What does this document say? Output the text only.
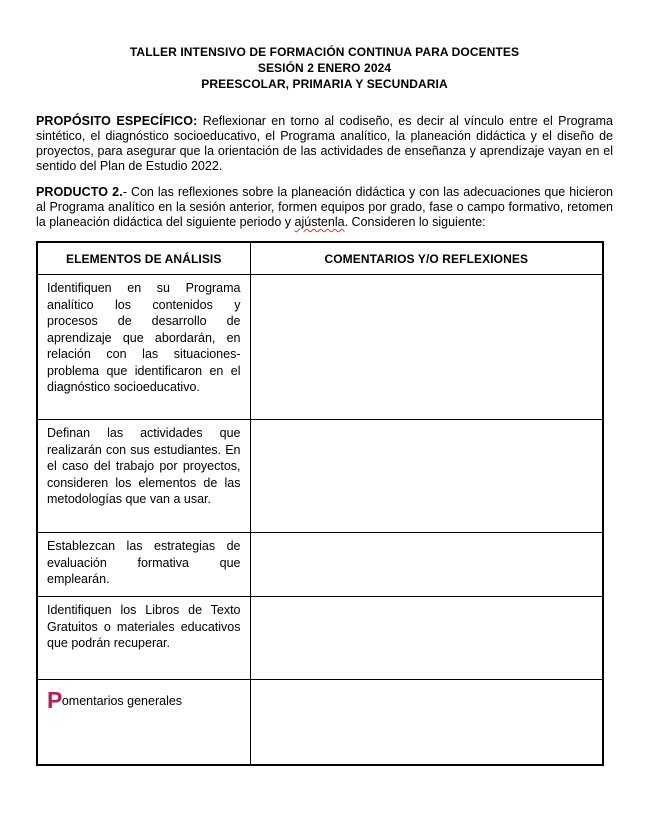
TALLER INTENSIVO DE FORMACIÓN CONTINUA PARA DOCENTES
SESIÓN 2 ENERO 2024
PREESCOLAR, PRIMARIA Y SECUNDARIA

PROPÓSITO ESPECÍFICO: Reflexionar en torno al codiseño, es decir al vínculo entre el Programa sintético, el diagnóstico socioeducativo, el Programa analítico, la planeación didáctica y el diseño de proyectos, para asegurar que la orientación de las actividades de enseñanza y aprendizaje vayan en el sentido del Plan de Estudio 2022.

PRODUCTO 2.- Con las reflexiones sobre la planeación didáctica y con las adecuaciones que hicieron al Programa analítico en la sesión anterior, formen equipos por grado, fase o campo formativo, retomen la planeación didáctica del siguiente periodo y ajústenla. Consideren lo siguiente:

ELEMENTOS DE ANÁLISIS	COMENTARIOS Y/O REFLEXIONES
Identifiquen en su Programa analítico los contenidos y procesos de desarrollo de aprendizaje que abordarán, en relación con las situaciones-problema que identificaron en el diagnóstico socioeducativo.	
Definan las actividades que realizarán con sus estudiantes. En el caso del trabajo por proyectos, consideren los elementos de las metodologías que van a usar.	
Establezcan las estrategias de evaluación formativa que emplearán.	
Identifiquen los Libros de Texto Gratuitos o materiales educativos que podrán recuperar.	
Pomentarios generales	
